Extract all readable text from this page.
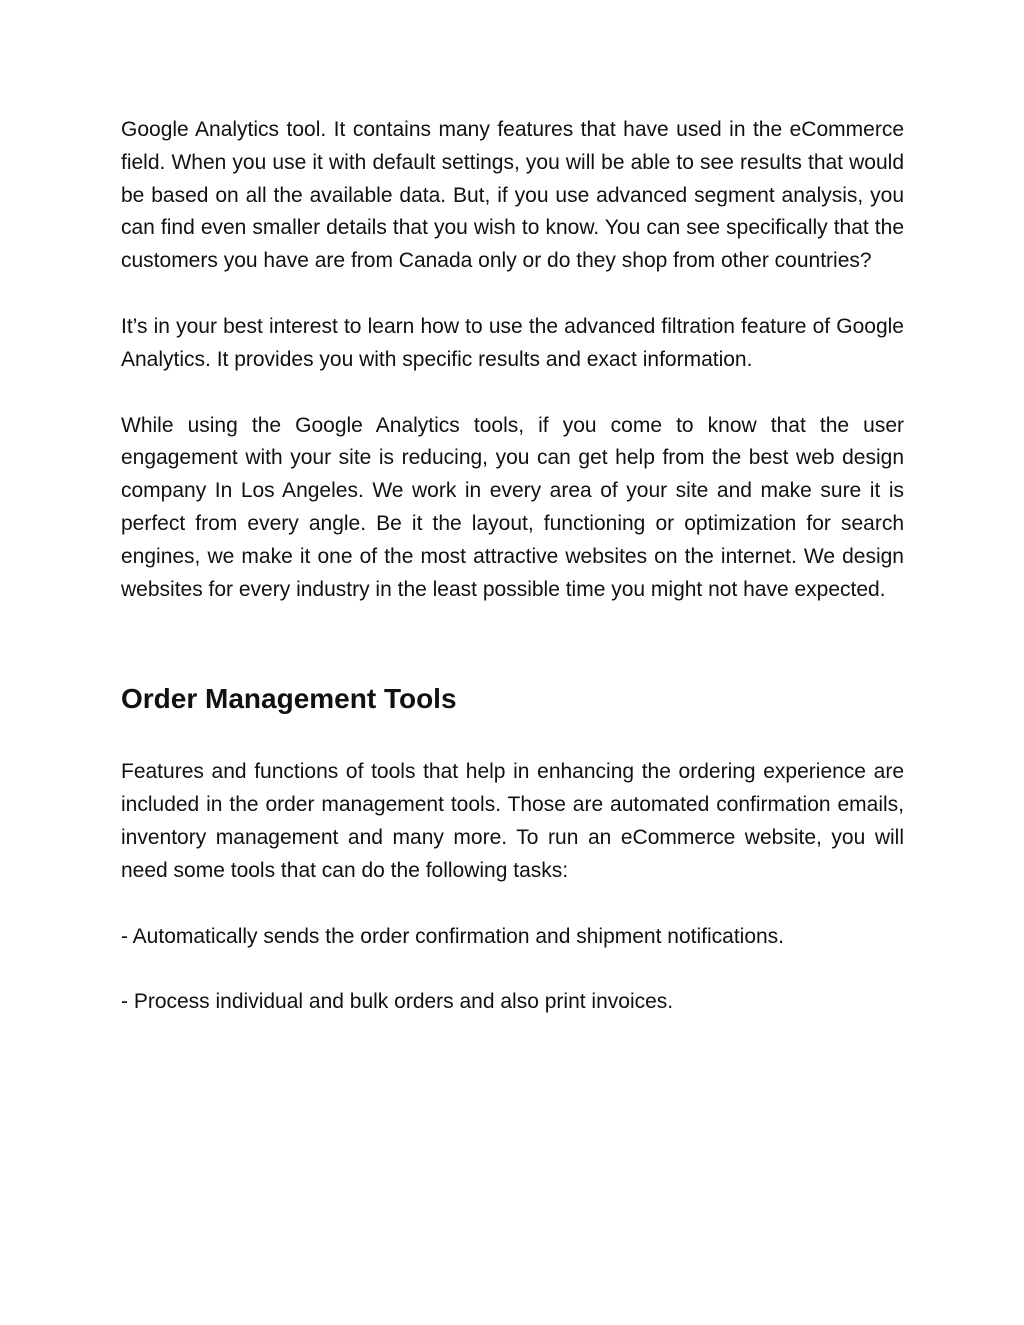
Google Analytics tool. It contains many features that have used in the eCommerce field. When you use it with default settings, you will be able to see results that would be based on all the available data. But, if you use advanced segment analysis, you can find even smaller details that you wish to know. You can see specifically that the customers you have are from Canada only or do they shop from other countries?

It’s in your best interest to learn how to use the advanced filtration feature of Google Analytics. It provides you with specific results and exact information.

While using the Google Analytics tools, if you come to know that the user engagement with your site is reducing, you can get help from the best web design company In Los Angeles. We work in every area of your site and make sure it is perfect from every angle. Be it the layout, functioning or optimization for search engines, we make it one of the most attractive websites on the internet. We design websites for every industry in the least possible time you might not have expected.

Order Management Tools

Features and functions of tools that help in enhancing the ordering experience are included in the order management tools. Those are automated confirmation emails, inventory management and many more. To run an eCommerce website, you will need some tools that can do the following tasks:

- Automatically sends the order confirmation and shipment notifications.

- Process individual and bulk orders and also print invoices.
